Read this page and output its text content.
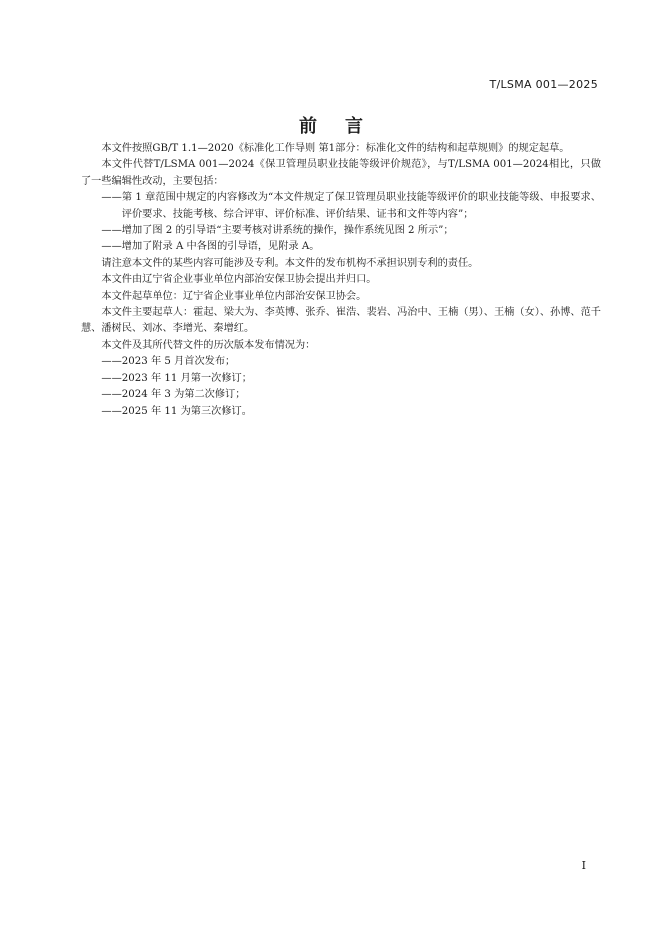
T/LSMA 001—2025
前言

本文件按照GB/T 1.1—2020《标准化工作导则 第1部分：标准化文件的结构和起草规则》的规定起草。

本文件代替T/LSMA 001—2024《保卫管理员职业技能等级评价规范》，与T/LSMA 001—2024相比，只做了一些编辑性改动，主要包括：

——第 1 章范围中规定的内容修改为“本文件规定了保卫管理员职业技能等级评价的职业技能等级、申报要求、评价要求、技能考核、综合评审、评价标准、评价结果、证书和文件等内容”；

——增加了图 2 的引导语“主要考核对讲系统的操作，操作系统见图 2 所示”；

——增加了附录 A 中各图的引导语，见附录 A。

请注意本文件的某些内容可能涉及专利。本文件的发布机构不承担识别专利的责任。

本文件由辽宁省企业事业单位内部治安保卫协会提出并归口。

本文件起草单位：辽宁省企业事业单位内部治安保卫协会。

本文件主要起草人：霍起、梁大为、李英博、张乔、崔浩、裴岩、冯治中、王楠（男）、王楠（女）、孙博、范千慧、潘树民、刘冰、李增光、秦增红。

本文件及其所代替文件的历次版本发布情况为：

——2023 年 5 月首次发布；

——2023 年 11 月第一次修订；

——2024 年 3 为第二次修订；

——2025 年 11 为第三次修订。

I
